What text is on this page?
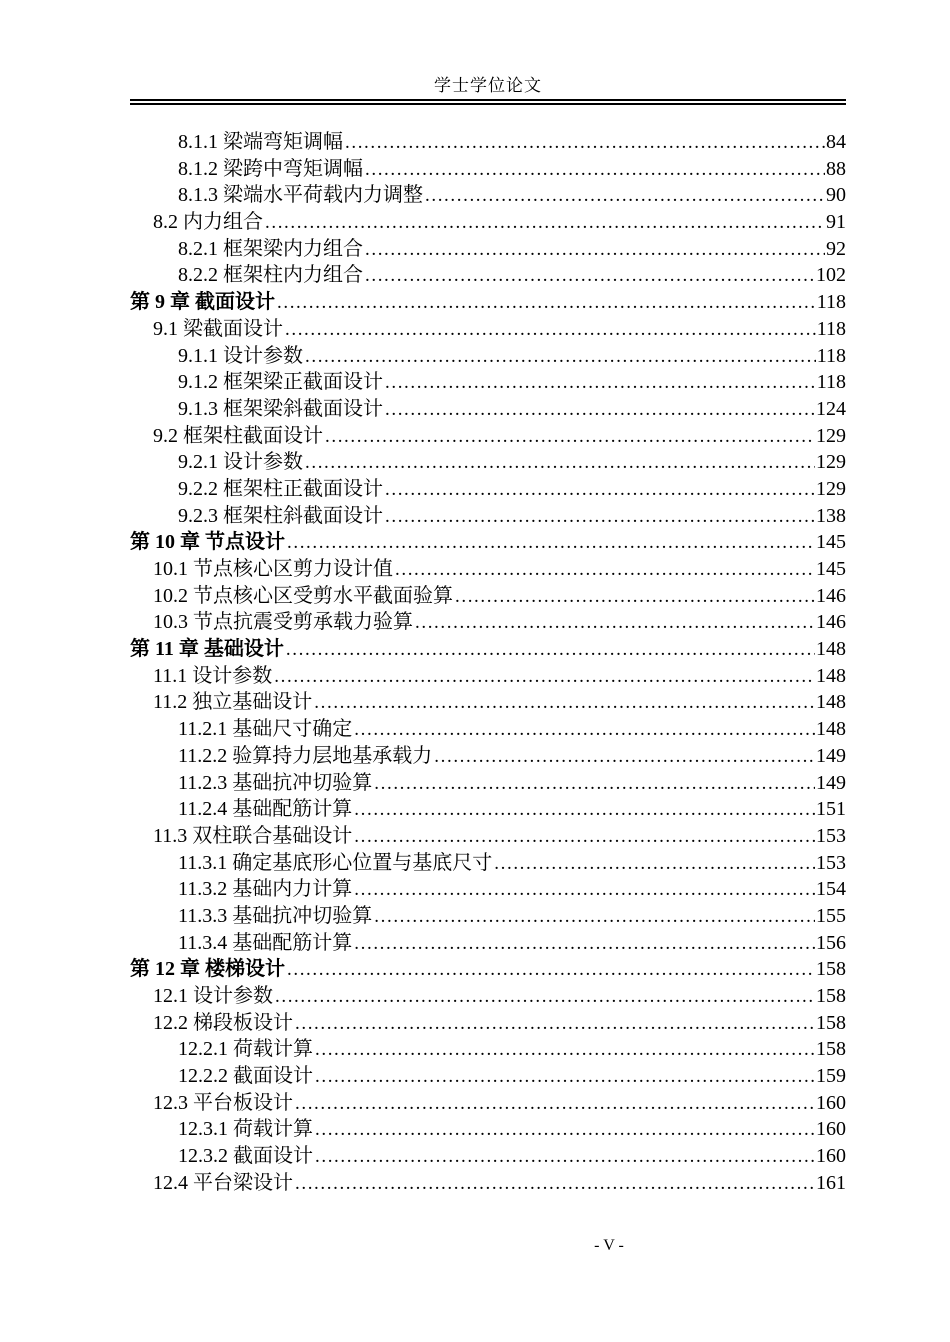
学士学位论文
8.1.1 梁端弯矩调幅 .....	84
8.1.2 梁跨中弯矩调幅 .....	88
8.1.3 梁端水平荷载内力调整 .....	90
8.2 内力组合 .....	91
8.2.1 框架梁内力组合 .....	92
8.2.2 框架柱内力组合 .....	102
第 9 章 截面设计 .....	118
9.1 梁截面设计 .....	118
9.1.1 设计参数 .....	118
9.1.2 框架梁正截面设计 .....	118
9.1.3 框架梁斜截面设计 .....	124
9.2 框架柱截面设计 .....	129
9.2.1 设计参数 .....	129
9.2.2 框架柱正截面设计 .....	129
9.2.3 框架柱斜截面设计 .....	138
第 10 章 节点设计 .....	145
10.1 节点核心区剪力设计值 .....	145
10.2 节点核心区受剪水平截面验算 .....	146
10.3 节点抗震受剪承载力验算 .....	146
第 11 章 基础设计 .....	148
11.1 设计参数 .....	148
11.2 独立基础设计 .....	148
11.2.1 基础尺寸确定 .....	148
11.2.2 验算持力层地基承载力 .....	149
11.2.3 基础抗冲切验算 .....	149
11.2.4 基础配筋计算 .....	151
11.3 双柱联合基础设计 .....	153
11.3.1 确定基底形心位置与基底尺寸 .....	153
11.3.2 基础内力计算 .....	154
11.3.3 基础抗冲切验算 .....	155
11.3.4 基础配筋计算 .....	156
第 12 章 楼梯设计 .....	158
12.1 设计参数 .....	158
12.2 梯段板设计 .....	158
12.2.1 荷载计算 .....	158
12.2.2 截面设计 .....	159
12.3 平台板设计 .....	160
12.3.1 荷载计算 .....	160
12.3.2 截面设计 .....	160
12.4 平台梁设计 .....	161
- V -
